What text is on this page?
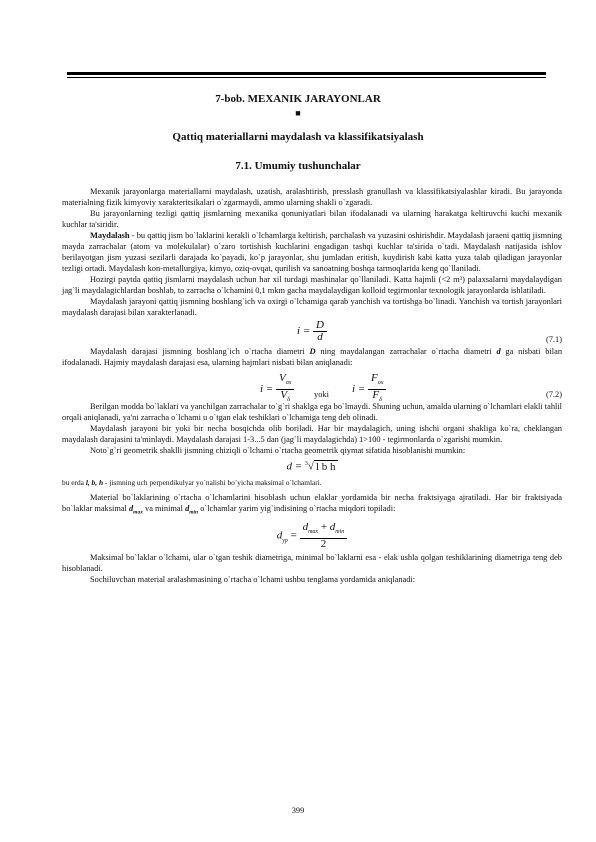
7-bob. MEXANIK JARAYONLAR
■
Qattiq materiallarni maydalash va klassifikatsiyalash
7.1. Umumiy tushunchalar

Mexanik jarayonlarga materiallarni maydalash, uzatish, aralashtirish, presslash granullash va klassifikatsiyalashlar kiradi. Bu jarayonda materialning fizik kimyoviy xarakteritsikalari o`zgarmaydi, ammo ularning shakli o`zgaradi.

Bu jarayonlarning tezligi qattiq jismlarning mexanika qonuniyatlari bilan ifodalanadi va ularning harakatga keltiruvchi kuchi mexanik kuchlar ta'siridir.

Maydalash - bu qattiq jism bo`laklarini kerakli o`lchamlarga keltirish, parchalash va yuzasini oshirishdir. Maydalash jaraeni qattiq jismning mayda zarrachalar (atom va molekulalar) o`zaro tortishish kuchlarini engadigan tashqi kuchlar ta'sirida o`tadi. Maydalash natijasida ishlov berilayotgan jism yuzasi sezilarli darajada ko`payadi, ko`p jarayonlar, shu jumladan eritish, kuydirish kabi katta yuza talab qiladigan jarayonlar tezligi ortadi. Maydalash kon-metallurgiya, kimyo, oziq-ovqat, qurilish va sanoatning boshqa tarmoqlarida keng qo`llaniladi.

Hozirgi paytda qattiq jismlarni maydalash uchun har xil turdagi mashinalar qo`llaniladi. Katta hajmli (<2 m³) palaxsalarni maydalaydigan jag`li maydalagichlardan boshlab, to zarracha o`lchamini 0,1 mkm gacha maydalaydigan kolloid tegirmonlar texnologik jarayonlarda ishlatiladi.

Maydalash jarayoni qattiq jismning boshlang`ich va oxirgi o`lchamiga qarab yanchish va tortishga bo`linadi. Yanchish va tortish jarayonlari maydalash darajasi bilan xarakterlanadi.

$i = \frac{D}{d}$	(7.1)

Maydalash darajasi jismning boshlang`ich o`rtacha diametri D ning maydalangan zarrachalar o`rtacha diametri d ga nisbati bilan ifodalanadi. Hajmiy maydalash darajasi esa, ularning hajmlari nisbati bilan aniqlanadi:

$i = \frac{V_{ox}}{V_\delta}$ yoki $i = \frac{F_{ox}}{F_\delta}$	(7.2)

Berilgan modda bo`laklari va yanchilgan zarrachalar to`g`ri shaklga ega bo`lmaydi. Shuning uchun, amalda ularning o`lchamlari elakli tahlil orqali aniqlanadi, ya'ni zarracha o`lchami u o`tgan elak teshiklari o`lchamiga teng deb olinadi.

Maydalash jarayoni bir yoki bir necha bosqichda olib boriladi. Har bir maydalagich, uning ishchi organi shakliga ko`ra, cheklangan maydalash darajasini ta'minlaydi. Maydalash darajasi 1-3...5 dan (jag`li maydalagichda) 1>100 - tegirmonlarda o`zgarishi mumkin.

Noto`g`ri geometrik shaklli jismning chiziqli o`lchami o`rtacha geometrik qiymat sifatida hisoblanishi mumkin:

d = $^3$√ l b h

bu erda l, b, h - jismning uch perpendikulyar yo`nalishi bo`yicha maksimal o`lchamlari.

Material bo`laklarining o`rtacha o`lchamlarini hisoblash uchun elaklar yordamida bir necha fraktsiyaga ajratiladi. Har bir fraktsiyada bo`laklar maksimal $d_{max}$ va minimal $d_{min}$ o`lchamlar yarim yig`indisining o`rtacha miqdori topiladi:

$d_{yp} = \frac{d_{max} + d_{min}}{2}$

Maksimal bo`laklar o`lchami, ular o`tgan teshik diametriga, minimal bo`laklarni esa - elak ushla qolgan teshiklarining diametriga teng deb hisoblanadi.

Sochiluvchan material aralashmasining o`rtacha o`lchami ushbu tenglama yordamida aniqlanadi:

399
